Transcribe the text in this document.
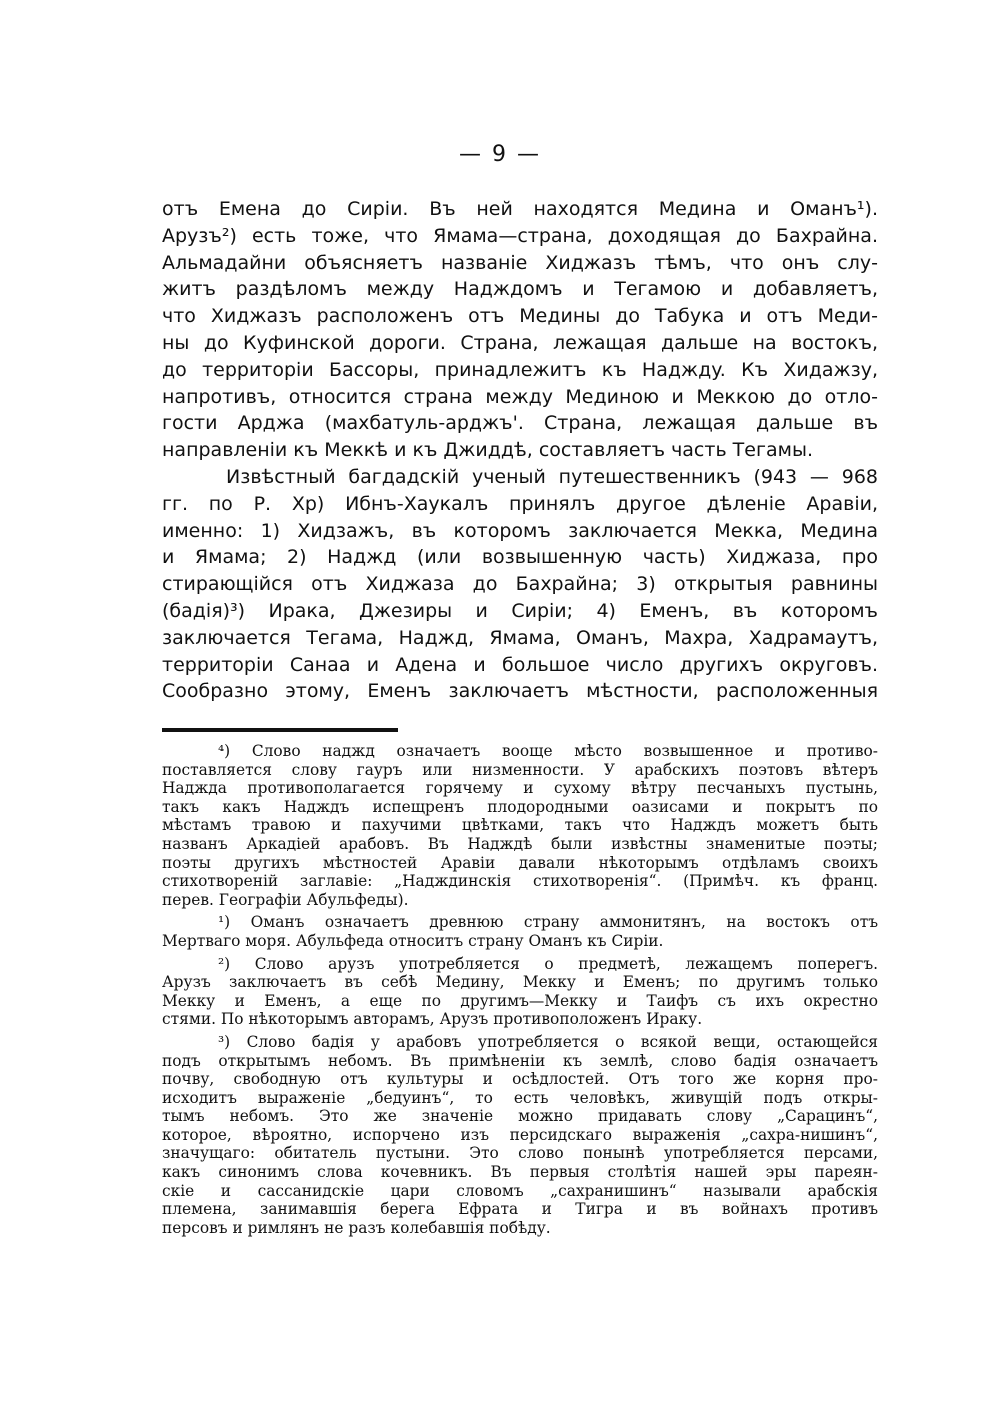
— 9 —
отъ Емена до Сиріи. Въ ней находятся Медина и Оманъ¹).
Арузъ²) есть тоже, что Ямама—страна, доходящая до Бахрайна.
Альмадайни объясняетъ названіе Хиджазъ тѣмъ, что онъ слу-
житъ раздѣломъ между Надждомъ и Тегамою и добавляетъ,
что Хиджазъ расположенъ отъ Медины до Табука и отъ Меди-
ны до Куфинской дороги. Страна, лежащая дальше на востокъ,
до территоріи Бассоры, принадлежитъ къ Надждy. Къ Хидажзу,
напротивъ, относится страна между Мединою и Меккою до отло-
гости Арджа (махбатуль-арджъ'. Страна, лежащая дальше въ
направленіи къ Меккѣ и къ Джиддѣ, составляетъ часть Тегамы.
Извѣстный багдадскій ученый путешественникъ (943 — 968
гг. по Р. Хр) Ибнъ-Хаукалъ принялъ другое дѣленіе Аравіи,
именно: 1) Хидзажъ, въ которомъ заключается Мекка, Медина
и Ямама; 2) Наджд (или возвышенную часть) Хиджаза, про
стирающійся отъ Хиджаза до Бахрайна; 3) открытыя равнины
(бадія)³) Ирака, Джезиры и Сиріи; 4) Еменъ, въ которомъ
заключается Тегама, Наджд, Ямама, Оманъ, Махра, Хадрамаутъ,
территоріи Санаа и Адена и большое число другихъ округовъ.
Сообразно этому, Еменъ заключаетъ мѣстности, расположенныя
⁴) Слово наджд означаетъ вооще мѣсто возвышенное и противо-
поставляется слову гауръ или низменности. У арабскихъ поэтовъ вѣтеръ
Наджда противополагается горячему и сухому вѣтру песчаныхъ пустынь,
такъ какъ Надждъ испещренъ плодородными оазисами и покрытъ по
мѣстамъ травою и пахучими цвѣтками, такъ что Надждъ можетъ быть
названъ Аркадіей арабовъ. Въ Надждѣ были извѣстны знаменитые поэты;
поэты другихъ мѣстностей Аравіи давали нѣкоторымъ отдѣламъ своихъ
стихотвореній заглавіе: „Надждинскія стихотворенія“. (Примѣч. къ франц.
перев. Географіи Абульфеды).
¹) Оманъ означаетъ древнюю страну аммонитянъ, на востокъ отъ
Мертваго моря. Абульфеда относитъ страну Оманъ къ Сиріи.
²) Слово арузъ употребляется о предметѣ, лежащемъ поперегъ.
Арузъ заключаетъ въ себѣ Медину, Мекку и Еменъ; по другимъ только
Мекку и Еменъ, а еще по другимъ—Мекку и Таифъ съ ихъ окрестно
стями. По нѣкоторымъ авторамъ, Арузъ противоположенъ Ираку.
³) Слово бадія у арабовъ употребляется о всякой вещи, остающейся
подъ открытымъ небомъ. Въ примѣненіи къ землѣ, слово бадія означаетъ
почву, свободную отъ культуры и осѣдлостей. Отъ того же корня про-
исходитъ выраженіе „бедуинъ“, то есть человѣкъ, живущій подъ откры-
тымъ небомъ. Это же значеніе можно придавать слову „Сарацинъ“,
которое, вѣроятно, испорчено изъ персидскаго выраженія „сахра-нишинъ“,
значущаго: обитатель пустыни. Это слово понынѣ употребляется персами,
какъ синонимъ слова кочевникъ. Въ первыя столѣтія нашей эры пареян-
скіе и сассанидскіе цари словомъ „сахранишинъ“ называли арабскія
племена, занимавшія берега Ефрата и Тигра и въ войнахъ противъ
персовъ и римлянъ не разъ колебавшія побѣду.
